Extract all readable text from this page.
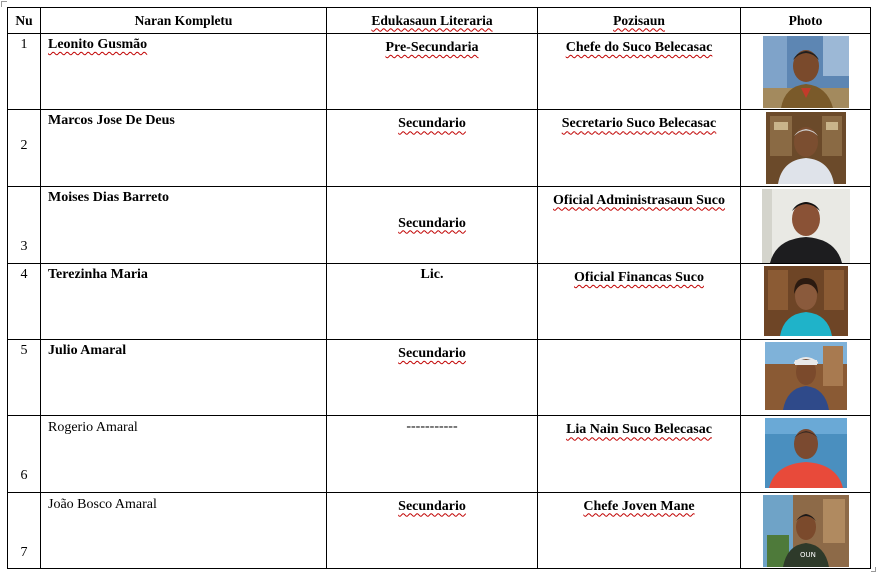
Nu	Naran Kompletu	Edukasaun Literaria	Pozisaun	Photo

1	Leonito Gusmão	Pre-Secundaria	Chefe do Suco Belecasac

2	Marcos Jose De Deus	Secundario	Secretario Suco Belecasac

3	Moises Dias Barreto	Secundario	Oficial Administrasaun Suco

4	Terezinha Maria	Lic.	Oficial Financas Suco

5	Julio Amaral	Secundario

6	Rogerio Amaral	-----------	Lia Nain Suco Belecasac

7	João Bosco Amaral	Secundario	Chefe Joven Mane	OUN
